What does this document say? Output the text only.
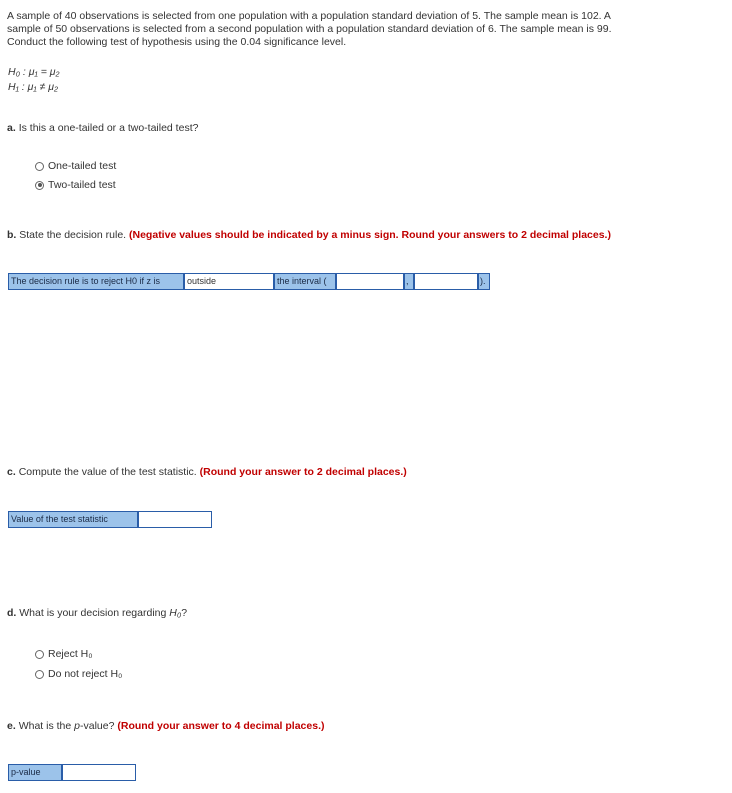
A sample of 40 observations is selected from one population with a population standard deviation of 5. The sample mean is 102. A
sample of 50 observations is selected from a second population with a population standard deviation of 6. The sample mean is 99.
Conduct the following test of hypothesis using the 0.04 significance level.
H₀ : μ₁ = μ₂
H₁ : μ₁ ≠ μ₂
a. Is this a one-tailed or a two-tailed test?
One-tailed test
Two-tailed test
b. State the decision rule. (Negative values should be indicated by a minus sign. Round your answers to 2 decimal places.)
The decision rule is to reject H0 if z is	outside	the interval (	,	).
c. Compute the value of the test statistic. (Round your answer to 2 decimal places.)
Value of the test statistic
d. What is your decision regarding H₀?
Reject H₀
Do not reject H₀
e. What is the p-value? (Round your answer to 4 decimal places.)
p-value
